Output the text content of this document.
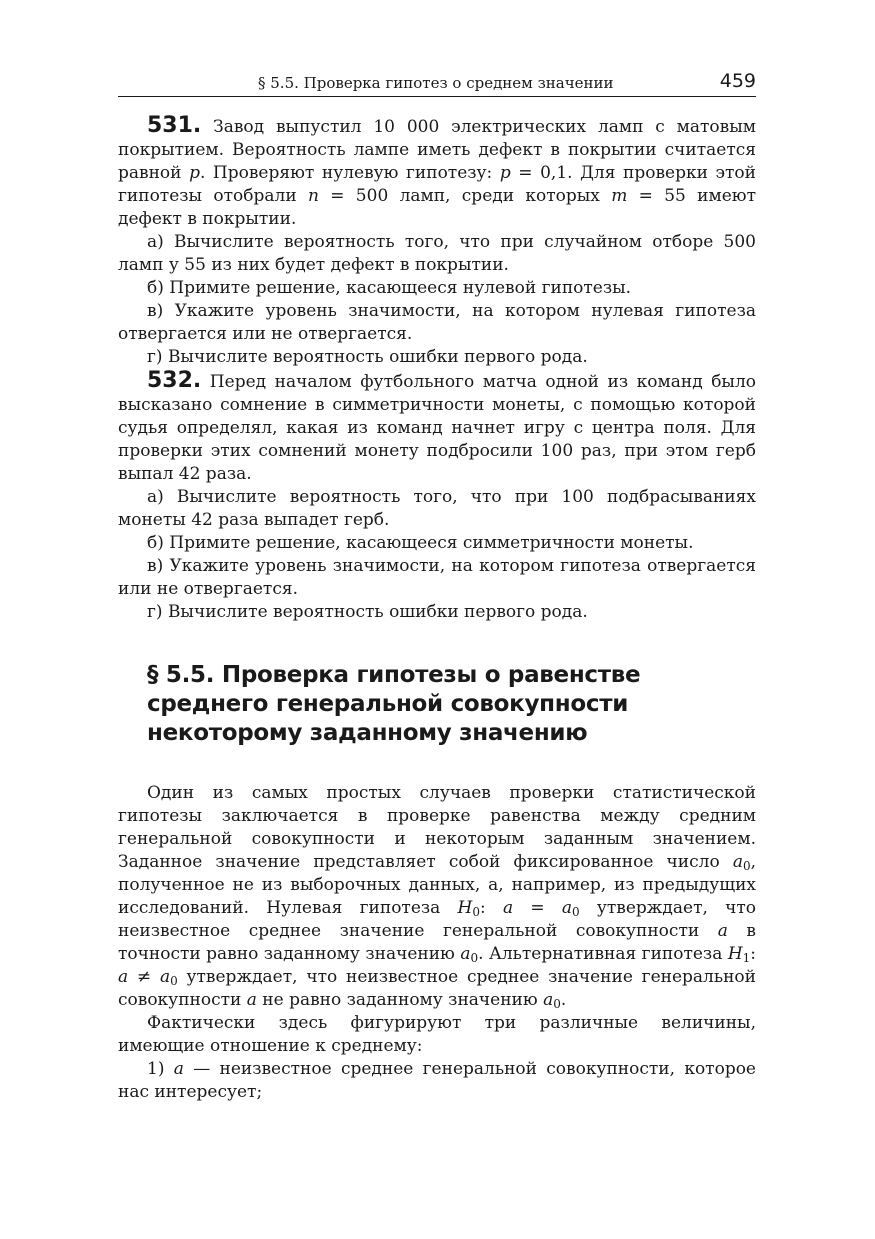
§ 5.5. Проверка гипотез о среднем значении	459

531. Завод выпустил 10 000 электрических ламп с матовым покрытием. Вероятность лампе иметь дефект в покрытии считается равной p. Проверяют нулевую гипотезу: p = 0,1. Для проверки этой гипотезы отобрали n = 500 ламп, среди которых m = 55 имеют дефект в покрытии.

а) Вычислите вероятность того, что при случайном отборе 500 ламп у 55 из них будет дефект в покрытии.

б) Примите решение, касающееся нулевой гипотезы.

в) Укажите уровень значимости, на котором нулевая гипотеза отвергается или не отвергается.

г) Вычислите вероятность ошибки первого рода.

532. Перед началом футбольного матча одной из команд было высказано сомнение в симметричности монеты, с помощью которой судья определял, какая из команд начнет игру с центра поля. Для проверки этих сомнений монету подбросили 100 раз, при этом герб выпал 42 раза.

а) Вычислите вероятность того, что при 100 подбрасываниях монеты 42 раза выпадет герб.

б) Примите решение, касающееся симметричности монеты.

в) Укажите уровень значимости, на котором гипотеза отвергается или не отвергается.

г) Вычислите вероятность ошибки первого рода.

§ 5.5. Проверка гипотезы о равенстве
среднего генеральной совокупности
некоторому заданному значению

Один из самых простых случаев проверки статистической гипотезы заключается в проверке равенства между средним генеральной совокупности и некоторым заданным значением. Заданное значение представляет собой фиксированное число $a_0$, полученное не из выборочных данных, а, например, из предыдущих исследований. Нулевая гипотеза $H_0$: $a = a_0$ утверждает, что неизвестное среднее значение генеральной совокупности a в точности равно заданному значению $a_0$. Альтернативная гипотеза $H_1$: $a \ne a_0$ утверждает, что неизвестное среднее значение генеральной совокупности a не равно заданному значению $a_0$.

Фактически здесь фигурируют три различные величины, имеющие отношение к среднему:

1) a — неизвестное среднее генеральной совокупности, которое нас интересует;
